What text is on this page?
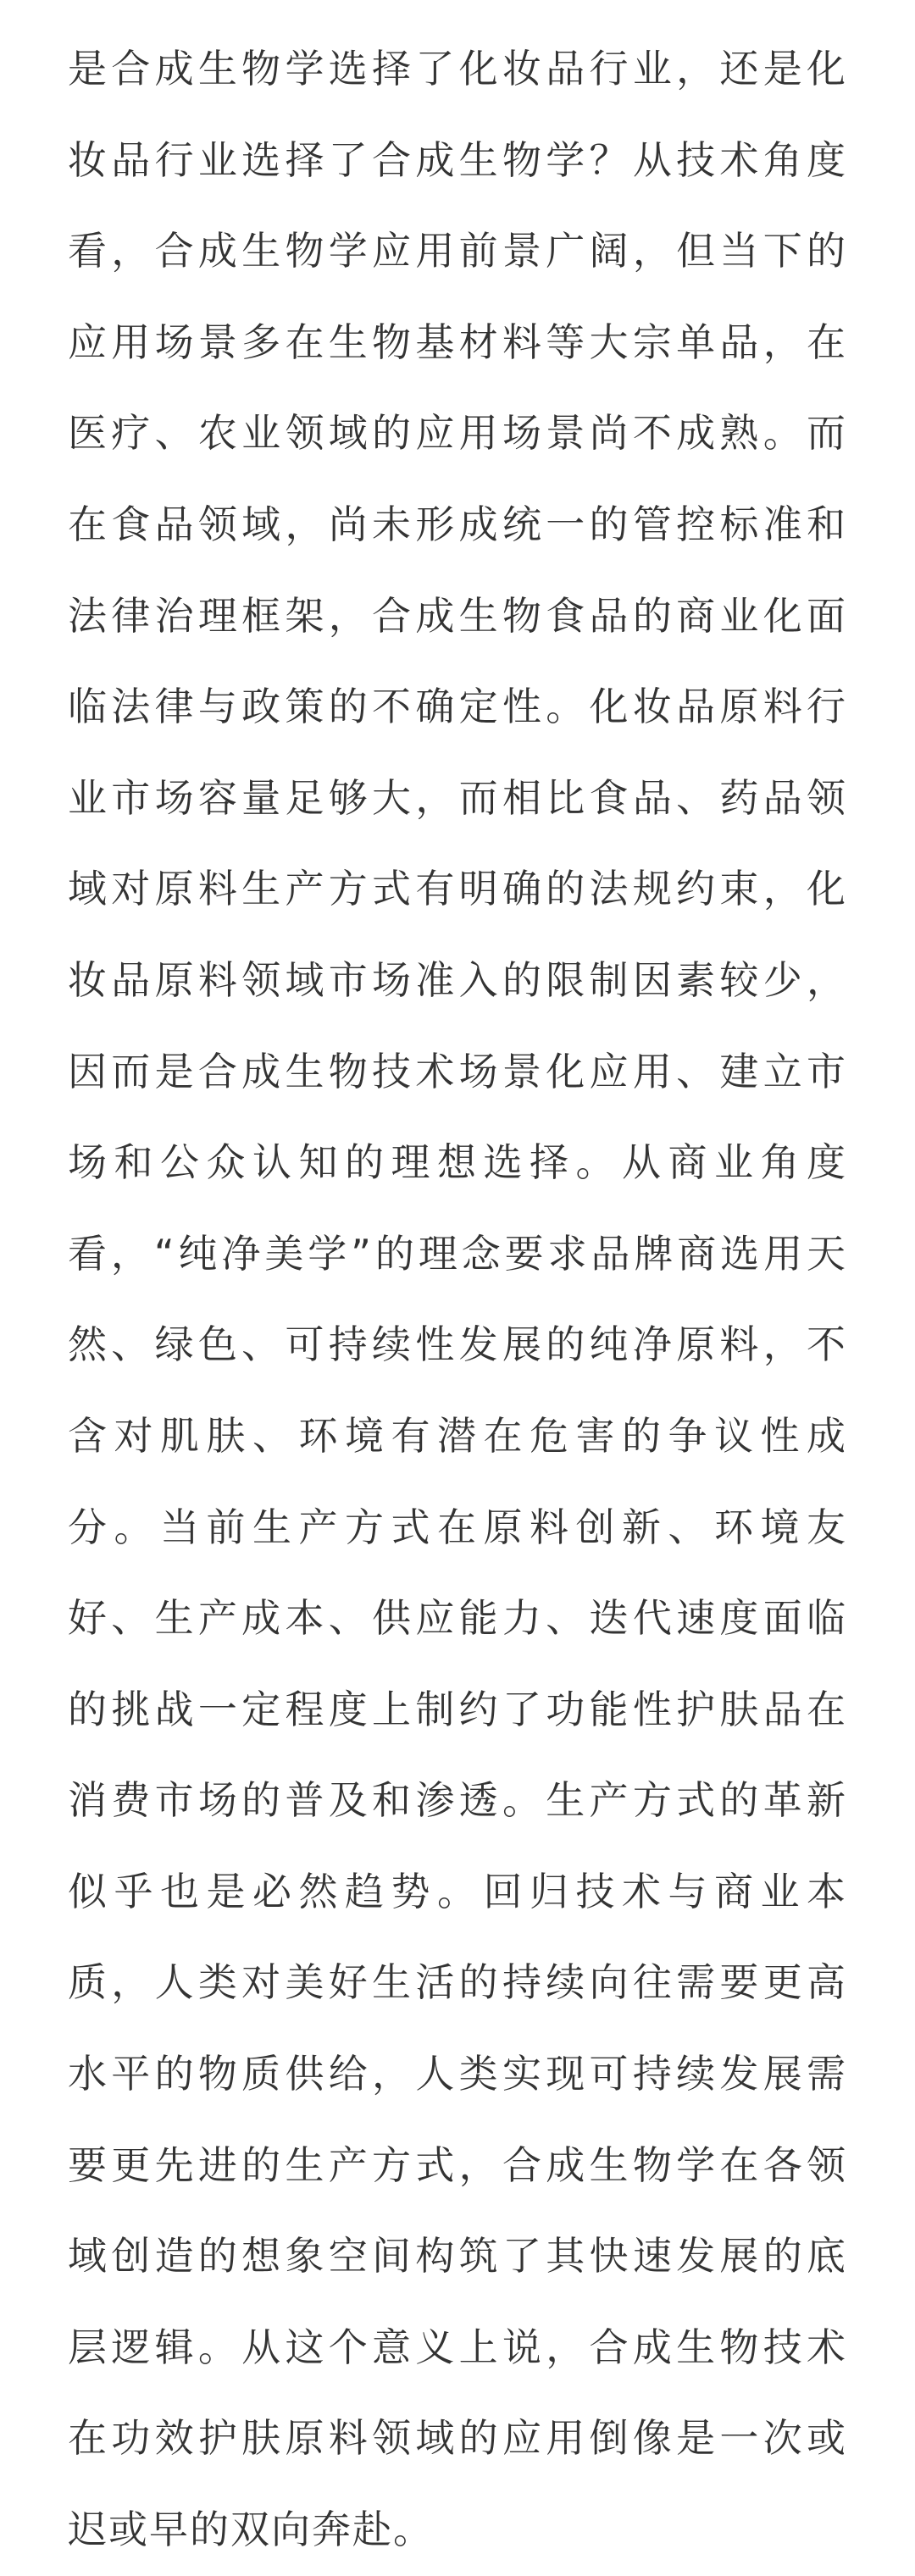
是合成生物学选择了化妆品行业，还是化
妆品行业选择了合成生物学？从技术角度
看，合成生物学应用前景广阔，但当下的
应用场景多在生物基材料等大宗单品，在
医疗、农业领域的应用场景尚不成熟。而
在食品领域，尚未形成统一的管控标准和
法律治理框架，合成生物食品的商业化面
临法律与政策的不确定性。化妆品原料行
业市场容量足够大，而相比食品、药品领
域对原料生产方式有明确的法规约束，化
妆品原料领域市场准入的限制因素较少，
因而是合成生物技术场景化应用、建立市
场和公众认知的理想选择。从商业角度
看，“纯净美学”的理念要求品牌商选用天
然、绿色、可持续性发展的纯净原料，不
含对肌肤、环境有潜在危害的争议性成
分。当前生产方式在原料创新、环境友
好、生产成本、供应能力、迭代速度面临
的挑战一定程度上制约了功能性护肤品在
消费市场的普及和渗透。生产方式的革新
似乎也是必然趋势。回归技术与商业本
质，人类对美好生活的持续向往需要更高
水平的物质供给，人类实现可持续发展需
要更先进的生产方式，合成生物学在各领
域创造的想象空间构筑了其快速发展的底
层逻辑。从这个意义上说，合成生物技术
在功效护肤原料领域的应用倒像是一次或
迟或早的双向奔赴。
